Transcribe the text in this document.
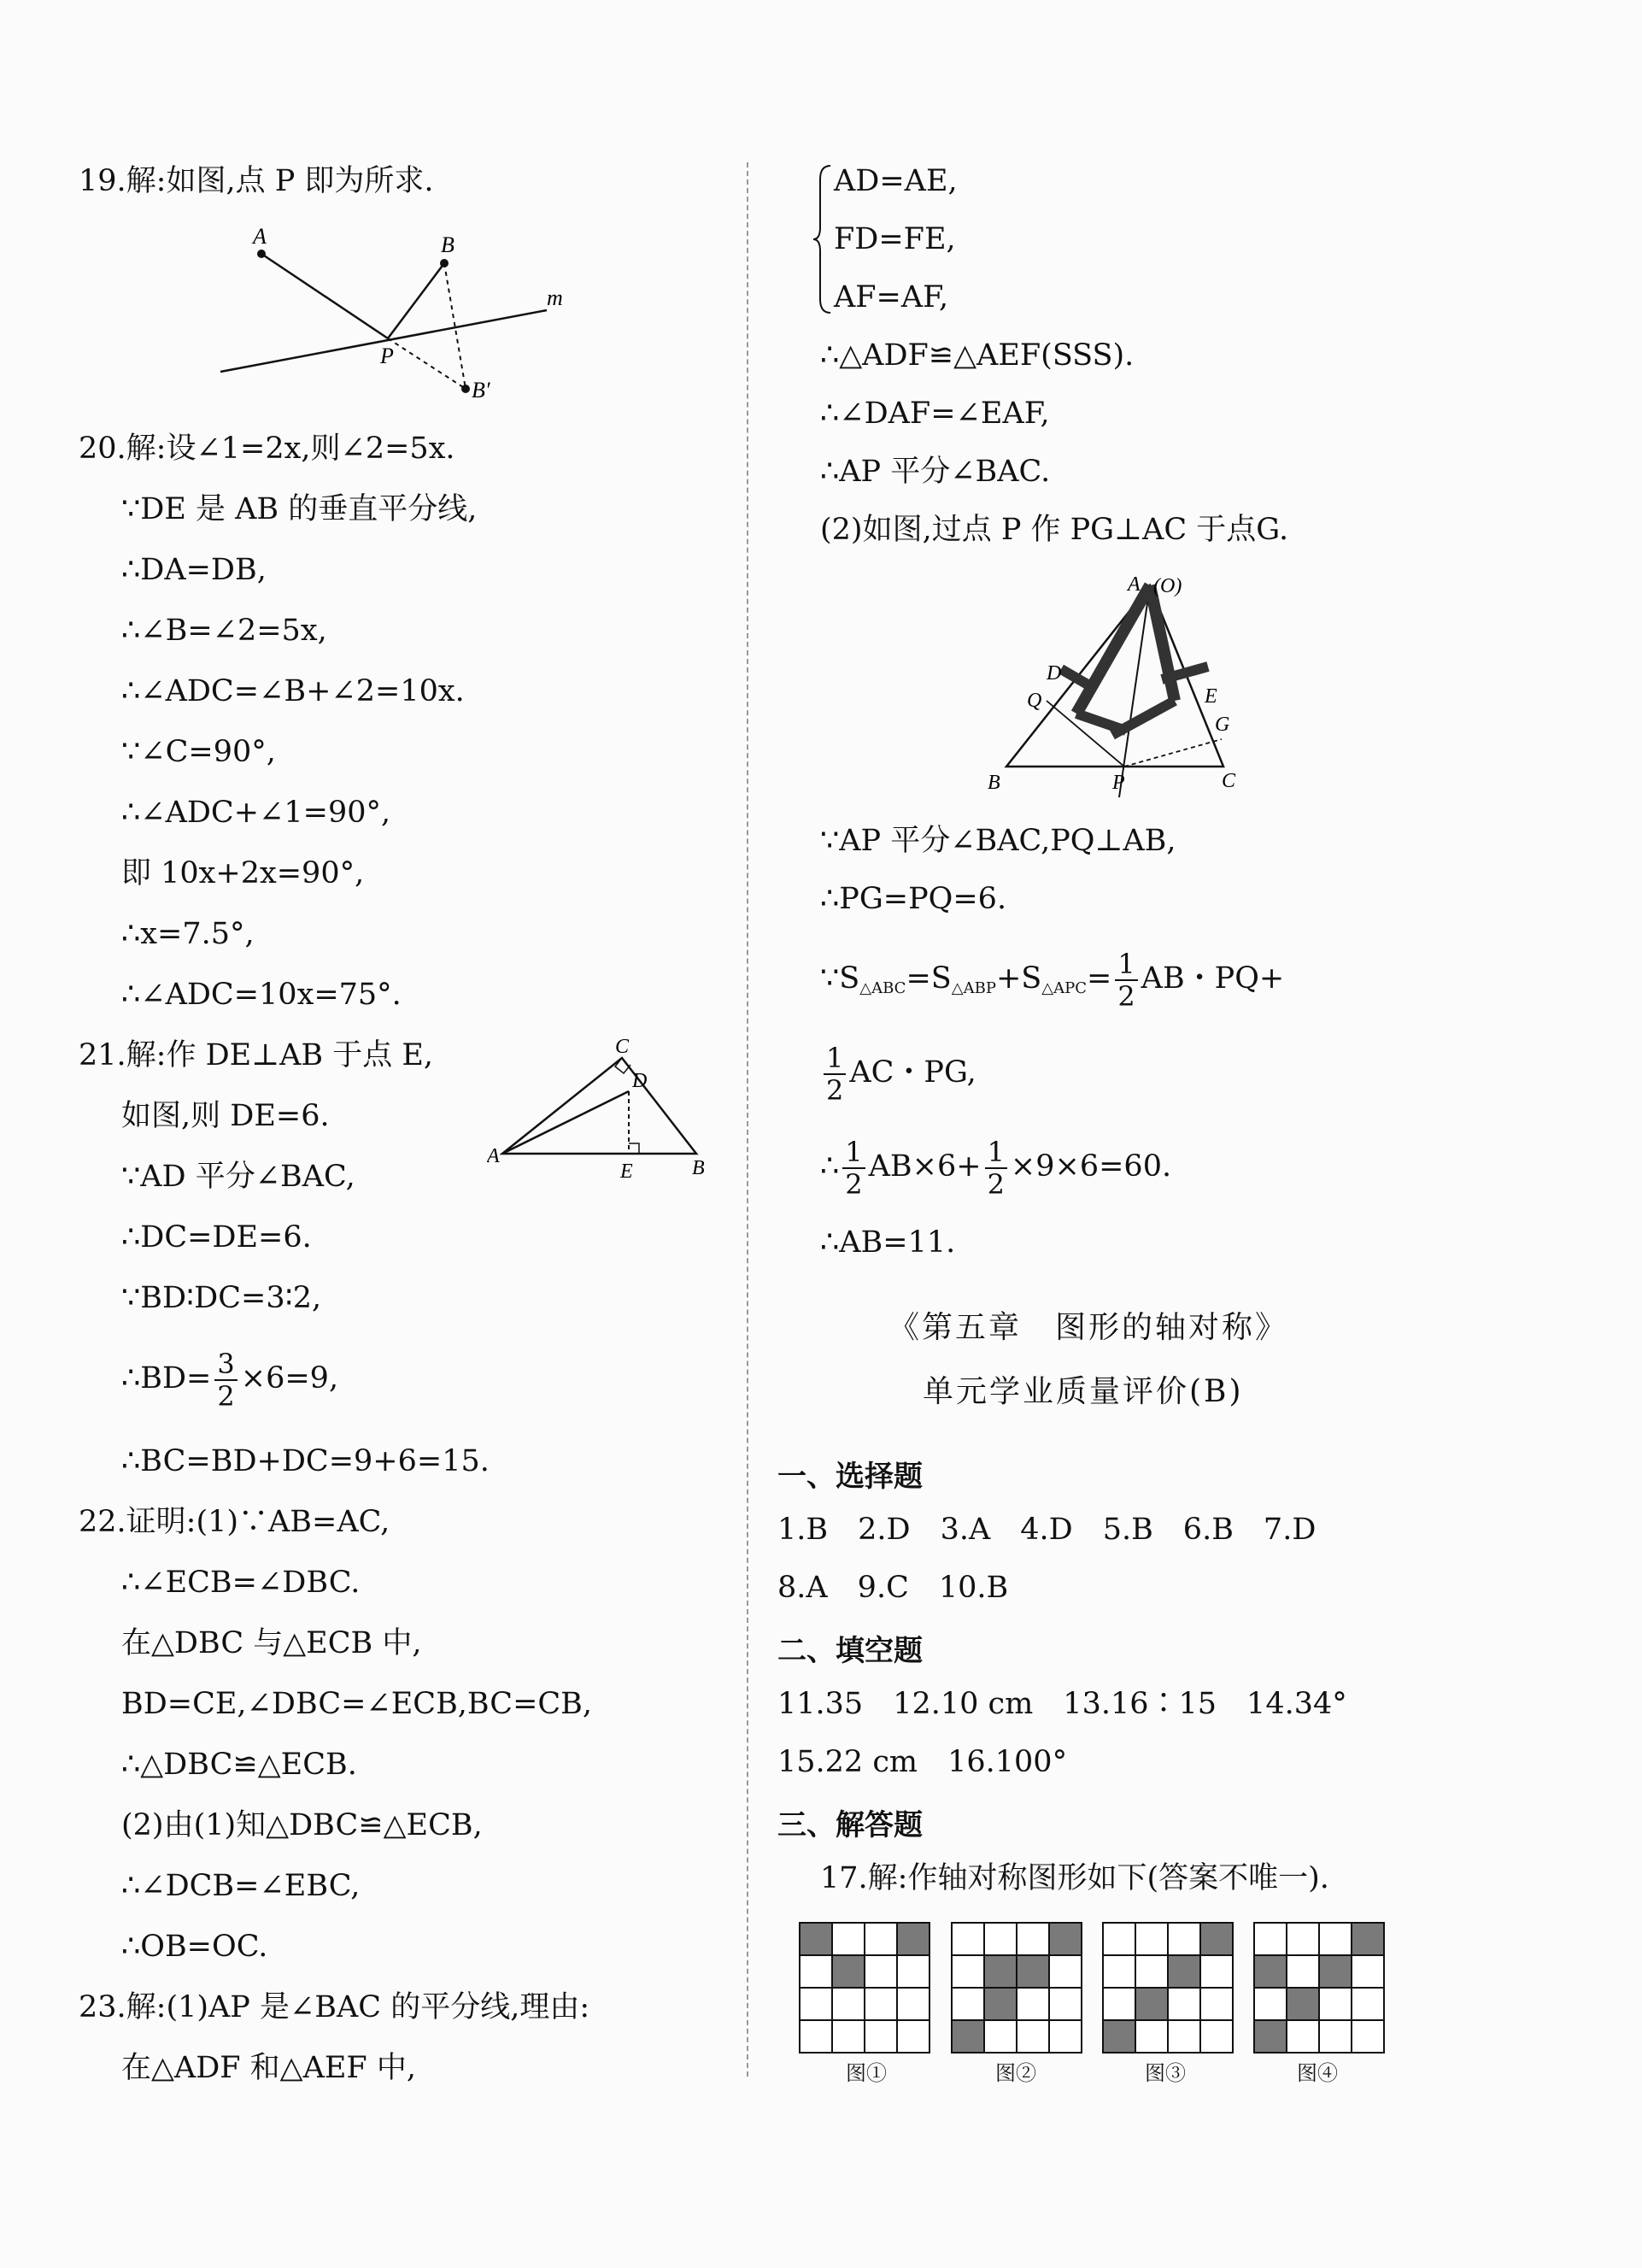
19.解:如图,点 P 即为所求.
A	B
P
B′
m
20.解:设∠1=2x,则∠2=5x.
∵DE 是 AB 的垂直平分线,
∴DA=DB,
∴∠B=∠2=5x,
∴∠ADC=∠B+∠2=10x.
∵∠C=90°,
∴∠ADC+∠1=90°,
即 10x+2x=90°,
∴x=7.5°,
∴∠ADC=10x=75°.
21.解:作 DE⊥AB 于点 E,
如图,则 DE=6.
∵AD 平分∠BAC,
∴DC=DE=6.
∵BD∶DC=3∶2,
∴BD= $\frac{3}{2} \times 6=9$,
∴BC=BD+DC=9+6=15.
C
D
A
E	B
22.证明:(1)∵AB=AC,
∴∠ECB=∠DBC.
在△DBC 与△ECB 中,
BD=CE,∠DBC=∠ECB,BC=CB,
∴△DBC≌△ECB.
(2)由(1)知△DBC≌△ECB,
∴∠DCB=∠EBC,
∴OB=OC.
23.解:(1)AP 是∠BAC 的平分线,理由:
在△ADF 和△AEF 中,
AD=AE,
FD=FE,
AF=AF,
∴△ADF≌△AEF(SSS).
∴∠DAF=∠EAF,
∴AP 平分∠BAC.
(2)如图,过点 P 作 PG⊥AC 于点G.
A (O)
D
Q	E
G
B	P	C
∵AP 平分∠BAC,PQ⊥AB,
∴PG=PQ=6.
$\because S_{\triangle ABC}=S_{\triangle ABP}+S_{\triangle APC}= \frac{1}{2}$ AB・PQ+
$\frac{1}{2}$ AC・PG,
∴ $\frac{1}{2} AB\times 6+ \frac{1}{2} \times 9\times 6=60$.
∴AB=11.
《第五章　图形的轴对称》
单元学业质量评价(B)
一、选择题
1.B　2.D　3.A　4.D　5.B　6.B　7.D
8.A　9.C　10.B
二、填空题
11.35　12.10 cm　13.16∶15　14.34°
15.22 cm　16.100°
三、解答题
17.解:作轴对称图形如下(答案不唯一).
图①	图②	图③	图④
